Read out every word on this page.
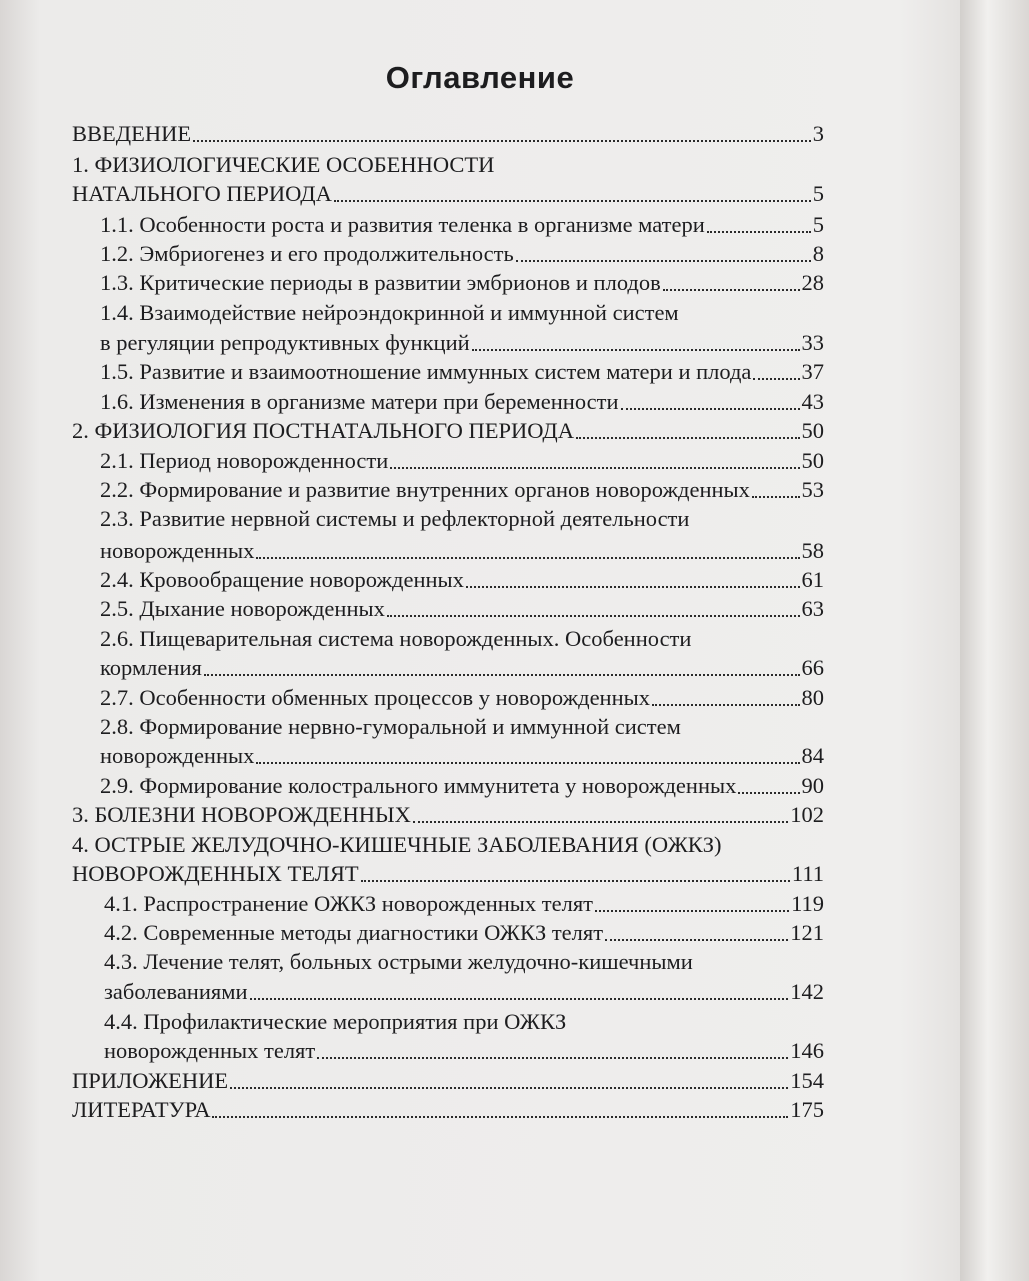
Оглавление
ВВЕДЕНИЕ	3
1. ФИЗИОЛОГИЧЕСКИЕ ОСОБЕННОСТИ
НАТАЛЬНОГО ПЕРИОДА	5
1.1. Особенности роста и развития теленка в организме матери	5
1.2. Эмбриогенез и его продолжительность	8
1.3. Критические периоды в развитии эмбрионов и плодов	28
1.4. Взаимодействие нейроэндокринной и иммунной систем
в регуляции репродуктивных функций	33
1.5. Развитие и взаимоотношение иммунных систем матери и плода 37
1.6. Изменения в организме матери при беременности	43
2. ФИЗИОЛОГИЯ ПОСТНАТАЛЬНОГО ПЕРИОДА	50
2.1. Период новорожденности	50
2.2. Формирование и развитие внутренних органов новорожденных 53
2.3. Развитие нервной системы и рефлекторной деятельности
новорожденных	58
2.4. Кровообращение новорожденных	61
2.5. Дыхание новорожденных	63
2.6. Пищеварительная система новорожденных. Особенности
кормления	66
2.7. Особенности обменных процессов у новорожденных	80
2.8. Формирование нервно-гуморальной и иммунной систем
новорожденных	84
2.9. Формирование колострального иммунитета у новорожденных	90
3. БОЛЕЗНИ НОВОРОЖДЕННЫХ	102
4. ОСТРЫЕ ЖЕЛУДОЧНО-КИШЕЧНЫЕ ЗАБОЛЕВАНИЯ (ОЖКЗ)
НОВОРОЖДЕННЫХ ТЕЛЯТ	111
4.1. Распространение ОЖКЗ новорожденных телят	119
4.2. Современные методы диагностики ОЖКЗ телят	121
4.3. Лечение телят, больных острыми желудочно-кишечными
заболеваниями	142
4.4. Профилактические мероприятия при ОЖКЗ
новорожденных телят	146
ПРИЛОЖЕНИЕ	154
ЛИТЕРАТУРА	175
